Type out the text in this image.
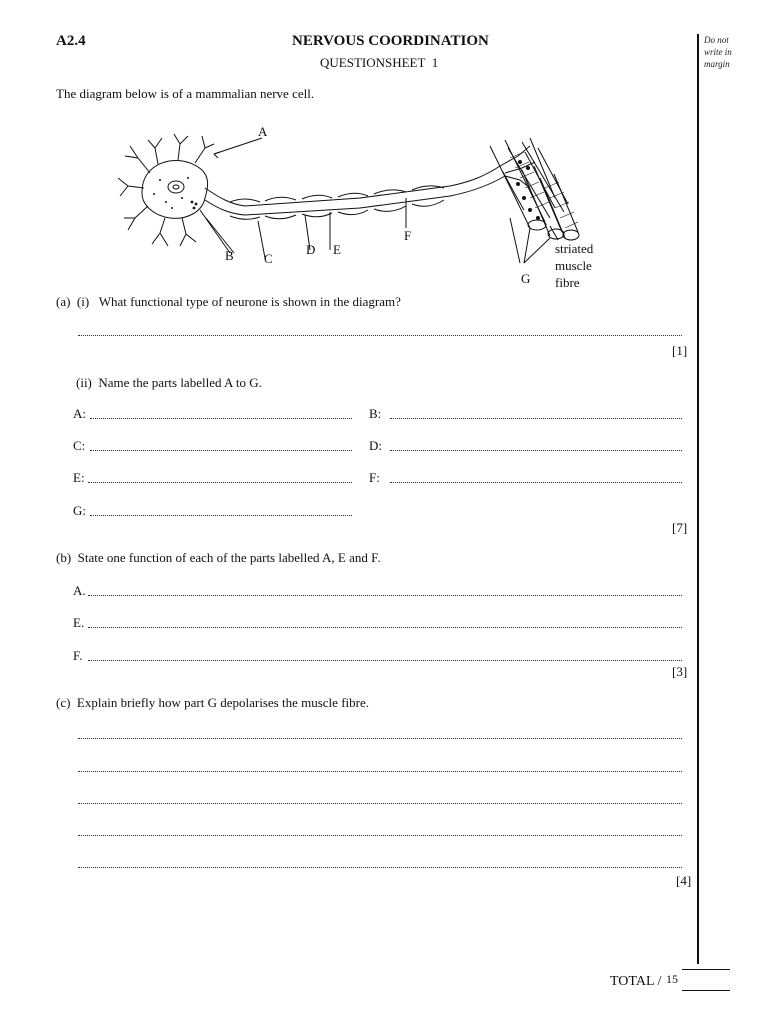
A2.4	NERVOUS COORDINATION
QUESTIONSHEET  1
Do not
write in
margin
The diagram below is of a mammalian nerve cell.
A
B C
D E
F
G
striated
muscle
fibre
(a)  (i)   What functional type of neurone is shown in the diagram?
[1]
(ii)  Name the parts labelled A to G.
A:	B:
C:	D:
E:	F:
G:
[7]
(b)  State one function of each of the parts labelled A, E and F.
A.
E.
F.
[3]
(c)  Explain briefly how part G depolarises the muscle fibre.
[4]
TOTAL / 15
